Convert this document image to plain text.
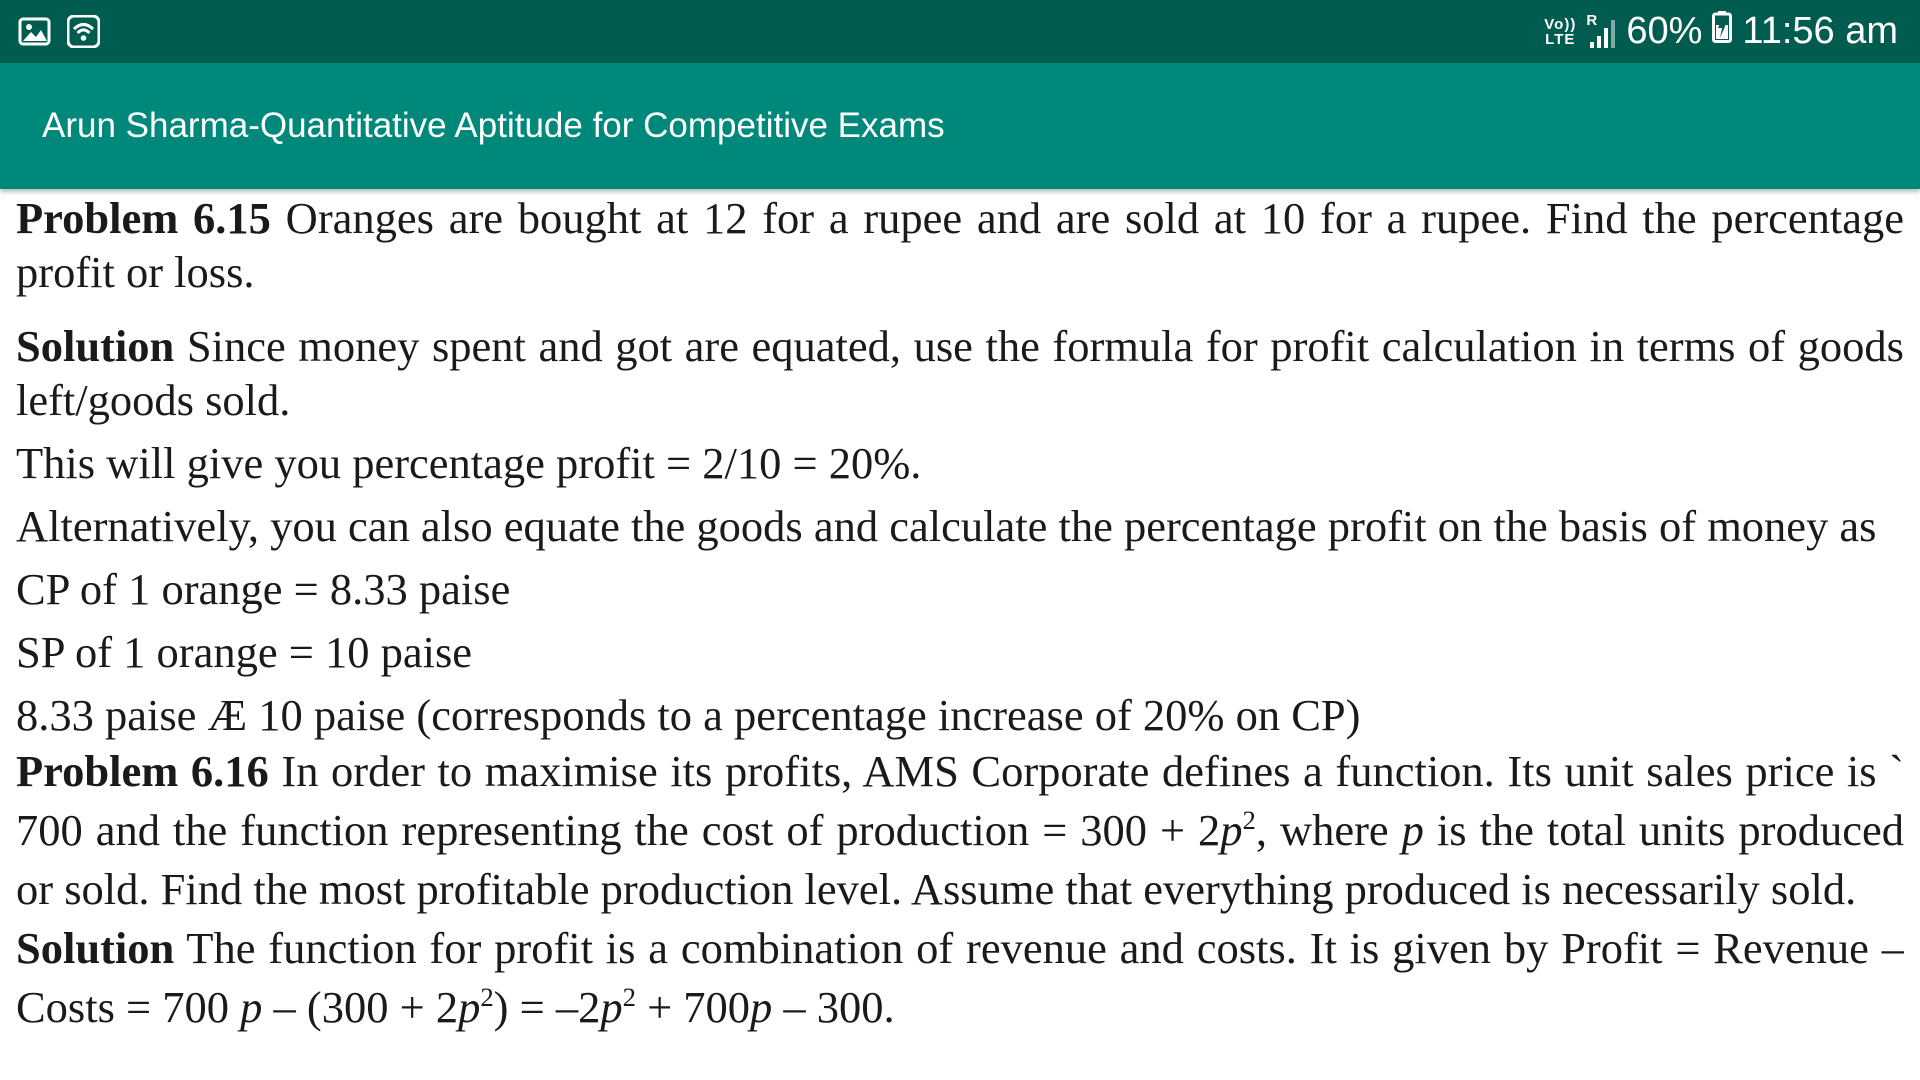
Vo))
LTE
R 60% 11:56 am
Arun Sharma-Quantitative Aptitude for Competitive Exams

Problem 6.15 Oranges are bought at 12 for a rupee and are sold at 10 for a rupee. Find the percentage profit or loss.

Solution Since money spent and got are equated, use the formula for profit calculation in terms of goods left/goods sold.

This will give you percentage profit = 2/10 = 20%.

Alternatively, you can also equate the goods and calculate the percentage profit on the basis of money as

CP of 1 orange = 8.33 paise

SP of 1 orange = 10 paise

8.33 paise Æ 10 paise (corresponds to a percentage increase of 20% on CP)

Problem 6.16 In order to maximise its profits, AMS Corporate defines a function. Its unit sales price is ` 700 and the function representing the cost of production = $300 + 2p^2$, where p is the total units produced or sold. Find the most profitable production level. Assume that everything produced is necessarily sold.

Solution The function for profit is a combination of revenue and costs. It is given by Profit = Revenue – Costs = 700 $p - (300 + 2p^2) = -2p^2 + 700p - 300$.
